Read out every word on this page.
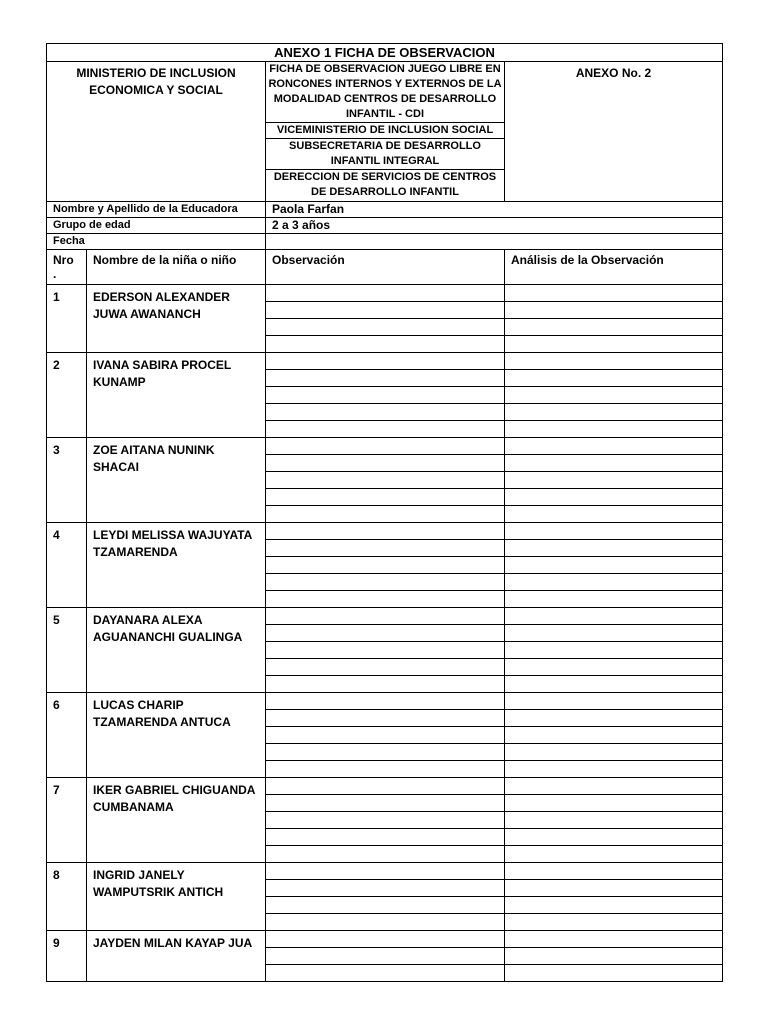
ANEXO 1 FICHA DE OBSERVACION
MINISTERIO DE INCLUSION ECONOMICA Y SOCIAL	
FICHA DE OBSERVACION JUEGO LIBRE EN RONCONES INTERNOS Y EXTERNOS DE LA MODALIDAD CENTROS DE DESARROLLO INFANTIL - CDI
VICEMINISTERIO DE INCLUSION SOCIAL
SUBSECRETARIA DE DESARROLLO INFANTIL INTEGRAL
DERECCION DE SERVICIOS DE CENTROS DE DESARROLLO INFANTIL
	ANEXO No. 2
Nombre y Apellido de la Educadora	Paola Farfan
Grupo de edad	2 a 3 años
Fecha	
Nro .	Nombre de la niña o niño	Observación	Análisis de la Observación
1	EDERSON ALEXANDER JUWA AWANANCH		

2	IVANA SABIRA PROCEL KUNAMP		

3	ZOE AITANA NUNINK SHACAI		

4	LEYDI MELISSA WAJUYATA TZAMARENDA		

5	DAYANARA ALEXA AGUANANCHI GUALINGA		

6	LUCAS CHARIP TZAMARENDA ANTUCA		

7	IKER GABRIEL CHIGUANDA CUMBANAMA		

8	INGRID JANELY WAMPUTSRIK ANTICH		

9	JAYDEN MILAN KAYAP JUA		
